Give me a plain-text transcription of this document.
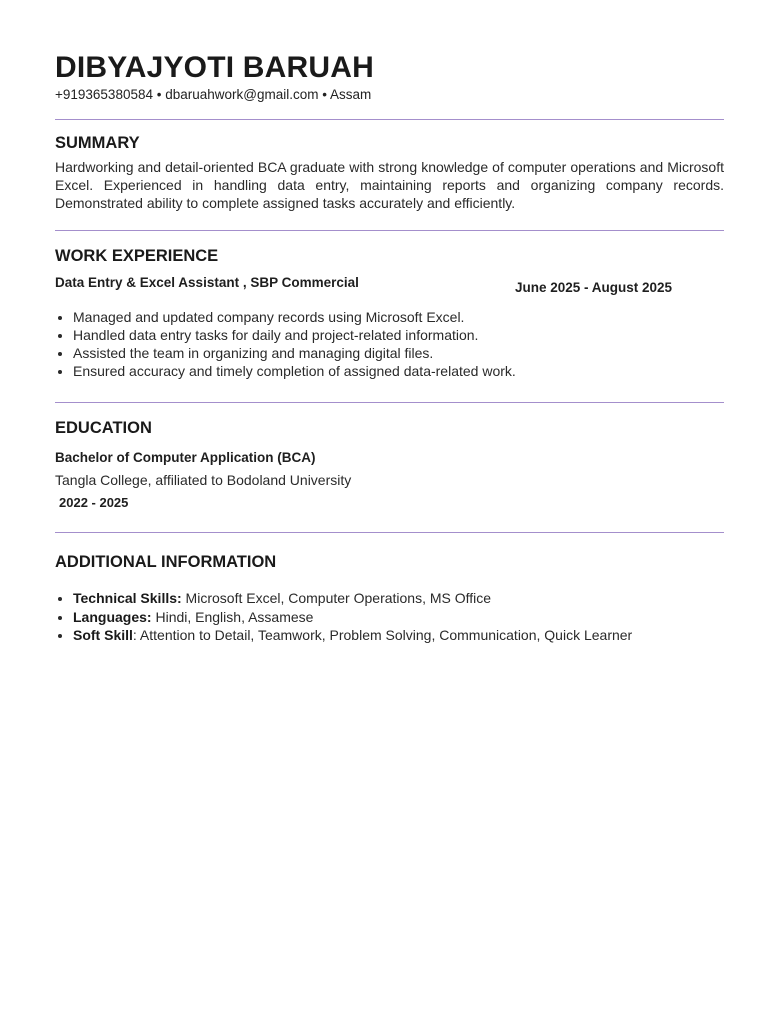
DIBYAJYOTI BARUAH
+919365380584 • dbaruahwork@gmail.com • Assam
SUMMARY
Hardworking and detail-oriented BCA graduate with strong knowledge of computer operations and Microsoft Excel. Experienced in handling data entry, maintaining reports and organizing company records. Demonstrated ability to complete assigned tasks accurately and efficiently.
WORK EXPERIENCE
Data Entry & Excel Assistant , SBP Commercial	June 2025 - August 2025
• Managed and updated company records using Microsoft Excel.
• Handled data entry tasks for daily and project-related information.
• Assisted the team in organizing and managing digital files.
• Ensured accuracy and timely completion of assigned data-related work.
EDUCATION
Bachelor of Computer Application (BCA)
Tangla College, affiliated to Bodoland University
2022 - 2025
ADDITIONAL INFORMATION
• Technical Skills: Microsoft Excel, Computer Operations, MS Office
• Languages: Hindi, English, Assamese
• Soft Skill: Attention to Detail, Teamwork, Problem Solving, Communication, Quick Learner
